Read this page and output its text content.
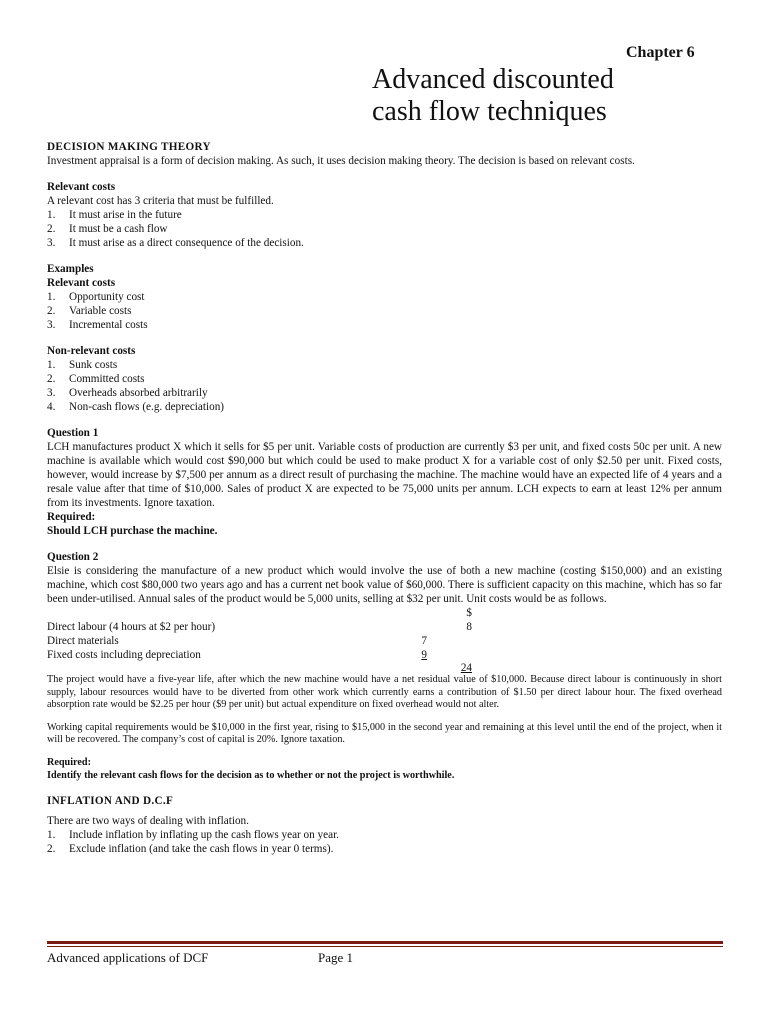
Chapter 6
Advanced discounted
cash flow techniques
DECISION MAKING THEORY
Investment appraisal is a form of decision making. As such, it uses decision making theory. The decision is based on relevant costs.
Relevant costs
A relevant cost has 3 criteria that must be fulfilled.
1.	It must arise in the future
2.	It must be a cash flow
3.	It must arise as a direct consequence of the decision.
Examples
Relevant costs
1.	Opportunity cost
2.	Variable costs
3.	Incremental costs
Non-relevant costs
1.	Sunk costs
2.	Committed costs
3.	Overheads absorbed arbitrarily
4.	Non-cash flows (e.g. depreciation)
Question 1
LCH manufactures product X which it sells for $5 per unit. Variable costs of production are currently $3 per unit, and fixed costs 50c per unit. A new machine is available which would cost $90,000 but which could be used to make product X for a variable cost of only $2.50 per unit. Fixed costs, however, would increase by $7,500 per annum as a direct result of purchasing the machine. The machine would have an expected life of 4 years and a resale value after that time of $10,000. Sales of product X are expected to be 75,000 units per annum. LCH expects to earn at least 12% per annum from its investments. Ignore taxation.
Required:
Should LCH purchase the machine.
Question 2
Elsie is considering the manufacture of a new product which would involve the use of both a new machine (costing $150,000) and an existing machine, which cost $80,000 two years ago and has a current net book value of $60,000. There is sufficient capacity on this machine, which has so far been under-utilised. Annual sales of the product would be 5,000 units, selling at $32 per unit. Unit costs would be as follows.
$
Direct labour (4 hours at $2 per hour)	8
Direct materials	7
Fixed costs including depreciation	9
24
The project would have a five-year life, after which the new machine would have a net residual value of $10,000. Because direct labour is continuously in short supply, labour resources would have to be diverted from other work which currently earns a contribution of $1.50 per direct labour hour. The fixed overhead absorption rate would be $2.25 per hour ($9 per unit) but actual expenditure on fixed overhead would not alter.
Working capital requirements would be $10,000 in the first year, rising to $15,000 in the second year and remaining at this level until the end of the project, when it will be recovered. The company’s cost of capital is 20%. Ignore taxation.
Required:
Identify the relevant cash flows for the decision as to whether or not the project is worthwhile.
INFLATION AND D.C.F
There are two ways of dealing with inflation.
1.	Include inflation by inflating up the cash flows year on year.
2.	Exclude inflation (and take the cash flows in year 0 terms).
Advanced applications of DCF	Page 1
